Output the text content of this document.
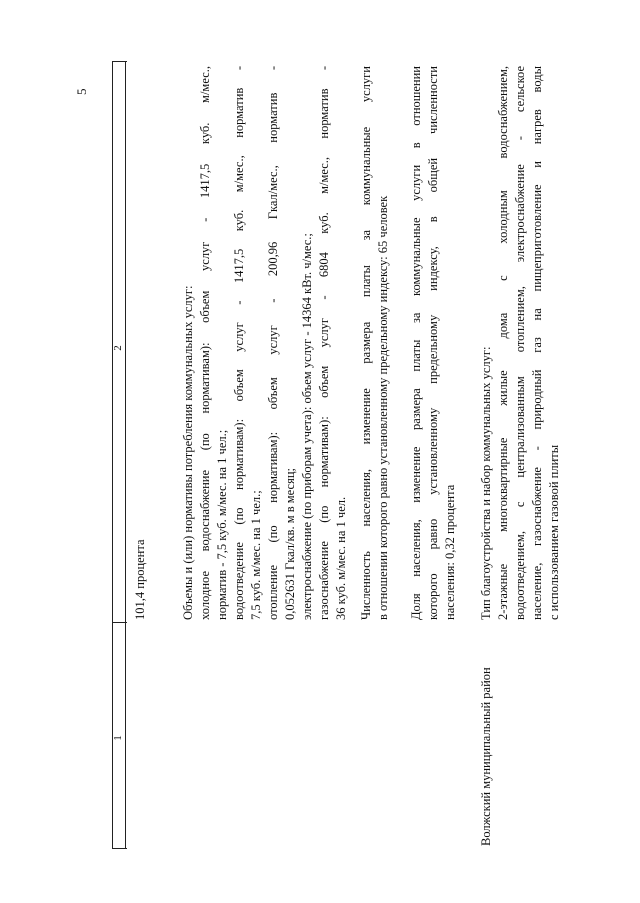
5
1
2
101,4 процента	Объемы и (или) нормативы потребления коммунальных услуг: холодное водоснабжение (по нормативам): объем услуг - 1417,5 куб. м/мес., норматив - 7,5 куб. м/мес. на 1 чел.; водоотведение (по нормативам): объем услуг - 1417,5 куб. м/мес., норматив - 7,5 куб. м/мес. на 1 чел.; отопление (по нормативам): объем услуг - 200,96 Гкал/мес., норматив - 0,052631 Гкал/кв. м в месяц; электроснабжение (по приборам учета): объем услуг - 14364 кВт. ч/мес.; газоснабжение (по нормативам): объем услуг - 6804 куб. м/мес., норматив - 36 куб. м/мес. на 1 чел. Численность населения, изменение размера платы за коммунальные услуги в отношении которого равно установленному предельному индексу: 65 человек Доля населения, изменение размера платы за коммунальные услуги в отношении которого равно установленному предельному индексу, в общей численности населения: 0,32 процента
Волжский муниципальный район
Тип благоустройства и набор коммунальных услуг: 2-этажные многоквартирные жилые дома с холодным водоснабжением, водоотведением, с централизованным отоплением, электроснабжение - сельское население, газоснабжение - природный газ на пищеприготовление и нагрев воды с использованием газовой плиты
